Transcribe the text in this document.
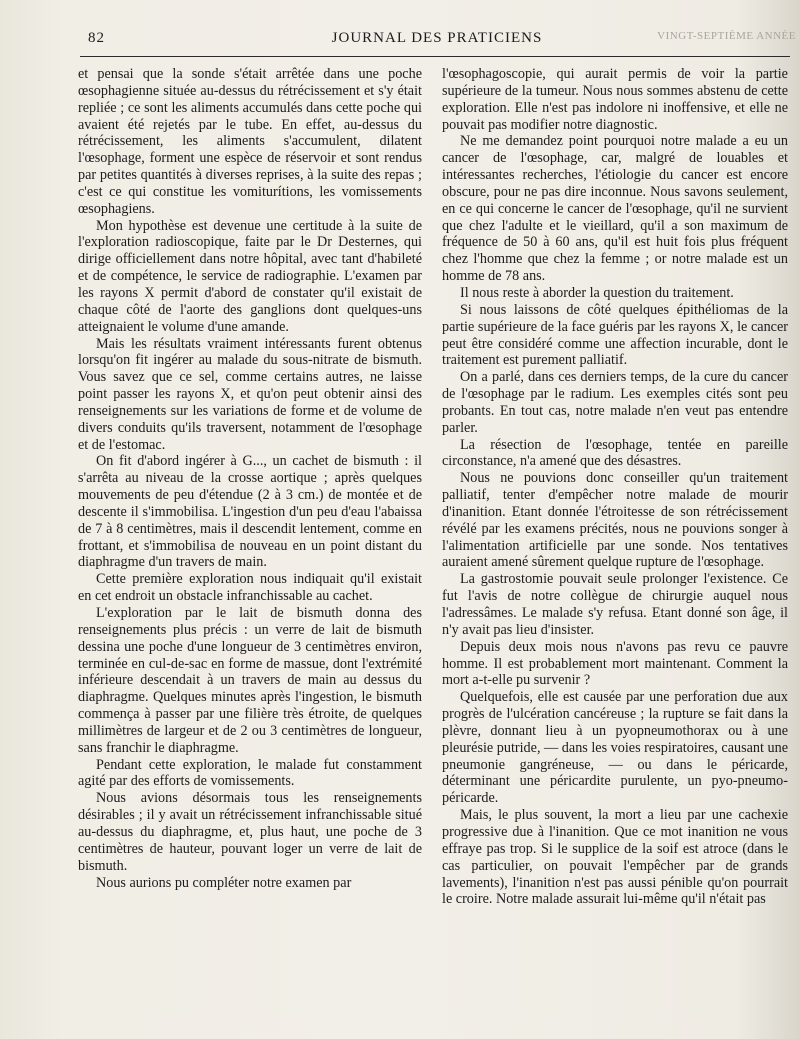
82	JOURNAL DES PRATICIENS	VINGT-SEPTIÈME ANNÉE

et pensai que la sonde s'était arrêtée dans une poche œsophagienne située au-dessus du rétrécissement et s'y était repliée ; ce sont les aliments accumulés dans cette poche qui avaient été rejetés par le tube. En effet, au-dessus du rétrécissement, les aliments s'accumulent, dilatent l'œsophage, forment une espèce de réservoir et sont rendus par petites quantités à diverses reprises, à la suite des repas ; c'est ce qui constitue les vomiturítions, les vomissements œsophagiens.

Mon hypothèse est devenue une certitude à la suite de l'exploration radioscopique, faite par le Dr Desternes, qui dirige officiellement dans notre hôpital, avec tant d'habileté et de compétence, le service de radiographie. L'examen par les rayons X permit d'abord de constater qu'il existait de chaque côté de l'aorte des ganglions dont quelques-uns atteignaient le volume d'une amande.

Mais les résultats vraiment intéressants furent obtenus lorsqu'on fit ingérer au malade du sous-nitrate de bismuth. Vous savez que ce sel, comme certains autres, ne laisse point passer les rayons X, et qu'on peut obtenir ainsi des renseignements sur les variations de forme et de volume de divers conduits qu'ils traversent, notamment de l'œsophage et de l'estomac.

On fit d'abord ingérer à G..., un cachet de bismuth : il s'arrêta au niveau de la crosse aortique ; après quelques mouvements de peu d'étendue (2 à 3 cm.) de montée et de descente il s'immobilisa. L'ingestion d'un peu d'eau l'abaissa de 7 à 8 centimètres, mais il descendit lentement, comme en frottant, et s'immobilisa de nouveau en un point distant du diaphragme d'un travers de main.

Cette première exploration nous indiquait qu'il existait en cet endroit un obstacle infranchissable au cachet.

L'exploration par le lait de bismuth donna des renseignements plus précis : un verre de lait de bismuth dessina une poche d'une longueur de 3 centimètres environ, terminée en cul-de-sac en forme de massue, dont l'extrémité inférieure descendait à un travers de main au dessus du diaphragme. Quelques minutes après l'ingestion, le bismuth commença à passer par une filière très étroite, de quelques millimètres de largeur et de 2 ou 3 centimètres de longueur, sans franchir le diaphragme.

Pendant cette exploration, le malade fut constamment agité par des efforts de vomissements.

Nous avions désormais tous les renseignements désirables ; il y avait un rétrécissement infranchissable situé au-dessus du diaphragme, et, plus haut, une poche de 3 centimètres de hauteur, pouvant loger un verre de lait de bismuth.

Nous aurions pu compléter notre examen par

l'œsophagoscopie, qui aurait permis de voir la partie supérieure de la tumeur. Nous nous sommes abstenu de cette exploration. Elle n'est pas indolore ni inoffensive, et elle ne pouvait pas modifier notre diagnostic.

Ne me demandez point pourquoi notre malade a eu un cancer de l'œsophage, car, malgré de louables et intéressantes recherches, l'étiologie du cancer est encore obscure, pour ne pas dire inconnue. Nous savons seulement, en ce qui concerne le cancer de l'œsophage, qu'il ne survient que chez l'adulte et le vieillard, qu'il a son maximum de fréquence de 50 à 60 ans, qu'il est huit fois plus fréquent chez l'homme que chez la femme ; or notre malade est un homme de 78 ans.

Il nous reste à aborder la question du traitement.

Si nous laissons de côté quelques épithéliomas de la partie supérieure de la face guéris par les rayons X, le cancer peut être considéré comme une affection incurable, dont le traitement est purement palliatif.

On a parlé, dans ces derniers temps, de la cure du cancer de l'œsophage par le radium. Les exemples cités sont peu probants. En tout cas, notre malade n'en veut pas entendre parler.

La résection de l'œsophage, tentée en pareille circonstance, n'a amené que des désastres.

Nous ne pouvions donc conseiller qu'un traitement palliatif, tenter d'empêcher notre malade de mourir d'inanition. Etant donnée l'étroitesse de son rétrécissement révélé par les examens précités, nous ne pouvions songer à l'alimentation artificielle par une sonde. Nos tentatives auraient amené sûrement quelque rupture de l'œsophage.

La gastrostomie pouvait seule prolonger l'existence. Ce fut l'avis de notre collègue de chirurgie auquel nous l'adressâmes. Le malade s'y refusa. Etant donné son âge, il n'y avait pas lieu d'insister.

Depuis deux mois nous n'avons pas revu ce pauvre homme. Il est probablement mort maintenant. Comment la mort a-t-elle pu survenir ?

Quelquefois, elle est causée par une perforation due aux progrès de l'ulcération cancéreuse ; la rupture se fait dans la plèvre, donnant lieu à un pyopneumothorax ou à une pleurésie putride, — dans les voies respiratoires, causant une pneumonie gangréneuse, — ou dans le péricarde, déterminant une péricardite purulente, un pyo-pneumo-péricarde.

Mais, le plus souvent, la mort a lieu par une cachexie progressive due à l'inanition. Que ce mot inanition ne vous effraye pas trop. Si le supplice de la soif est atroce (dans le cas particulier, on pouvait l'empêcher par de grands lavements), l'inanition n'est pas aussi pénible qu'on pourrait le croire. Notre malade assurait lui-même qu'il n'était pas
